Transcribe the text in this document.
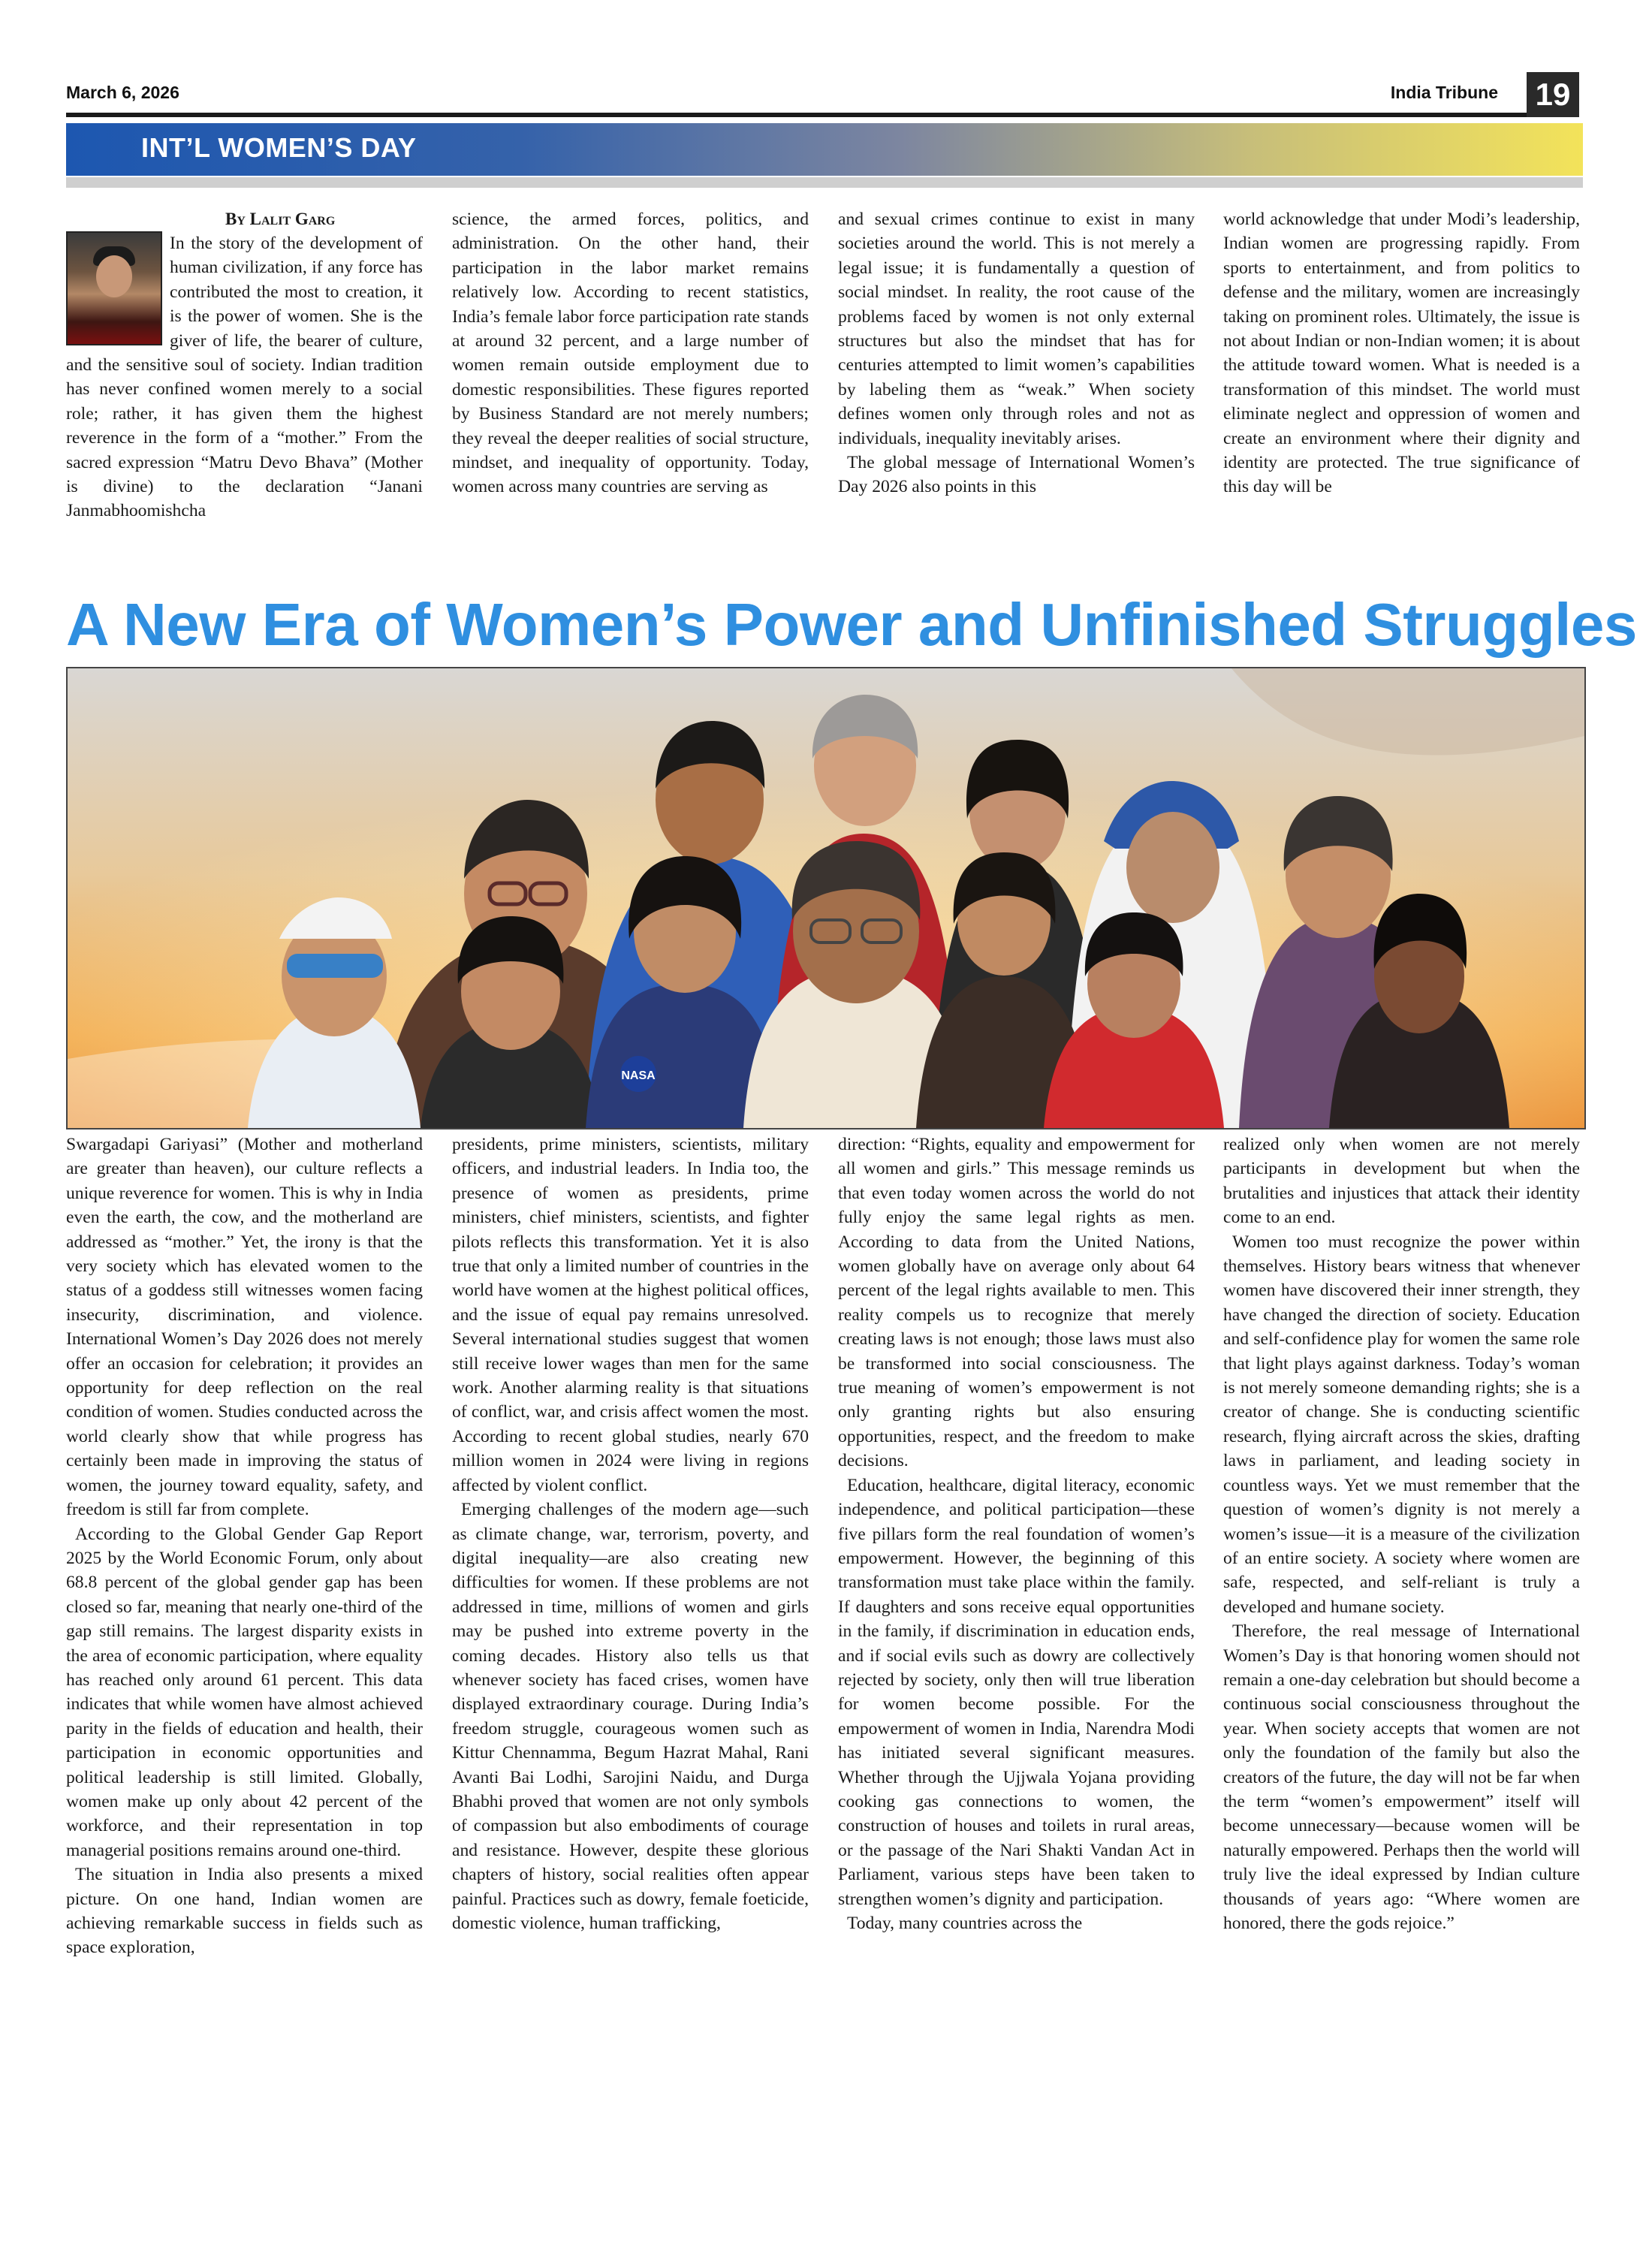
March 6, 2026	India Tribune 19
INT’L WOMEN’S DAY

By Lalit Garg

In the story of the development of human civilization, if any force has contributed the most to creation, it is the power of women. She is the giver of life, the bearer of culture, and the sensitive soul of society. Indian tradition has never confined women merely to a social role; rather, it has given them the highest reverence in the form of a “mother.” From the sacred expression “Matru Devo Bhava” (Mother is divine) to the declaration “Janani Janmabhoomishcha

science, the armed forces, politics, and administration. On the other hand, their participation in the labor market remains relatively low. According to recent statistics, India’s female labor force participation rate stands at around 32 percent, and a large number of women remain outside employment due to domestic responsibilities. These figures reported by Business Standard are not merely numbers; they reveal the deeper realities of social structure, mindset, and inequality of opportunity. Today, women across many countries are serving as

and sexual crimes continue to exist in many societies around the world. This is not merely a legal issue; it is fundamentally a question of social mindset. In reality, the root cause of the problems faced by women is not only external structures but also the mindset that has for centuries attempted to limit women’s capabilities by labeling them as “weak.” When society defines women only through roles and not as individuals, inequality inevitably arises.

The global message of International Women’s Day 2026 also points in this

world acknowledge that under Modi’s leadership, Indian women are progressing rapidly. From sports to entertainment, and from politics to defense and the military, women are increasingly taking on prominent roles. Ultimately, the issue is not about Indian or non-Indian women; it is about the attitude toward women. What is needed is a transformation of this mindset. The world must eliminate neglect and oppression of women and create an environment where their dignity and identity are protected. The true significance of this day will be

A New Era of Women’s Power and Unfinished Struggles
NASA

Swargadapi Gariyasi” (Mother and motherland are greater than heaven), our culture reflects a unique reverence for women. This is why in India even the earth, the cow, and the motherland are addressed as “mother.” Yet, the irony is that the very society which has elevated women to the status of a goddess still witnesses women facing insecurity, discrimination, and violence. International Women’s Day 2026 does not merely offer an occasion for celebration; it provides an opportunity for deep reflection on the real condition of women. Studies conducted across the world clearly show that while progress has certainly been made in improving the status of women, the journey toward equality, safety, and freedom is still far from complete.

According to the Global Gender Gap Report 2025 by the World Economic Forum, only about 68.8 percent of the global gender gap has been closed so far, meaning that nearly one-third of the gap still remains. The largest disparity exists in the area of economic participation, where equality has reached only around 61 percent. This data indicates that while women have almost achieved parity in the fields of education and health, their participation in economic opportunities and political leadership is still limited. Globally, women make up only about 42 percent of the workforce, and their representation in top managerial positions remains around one-third.

The situation in India also presents a mixed picture. On one hand, Indian women are achieving remarkable success in fields such as space exploration,

presidents, prime ministers, scientists, military officers, and industrial leaders. In India too, the presence of women as presidents, prime ministers, chief ministers, scientists, and fighter pilots reflects this transformation. Yet it is also true that only a limited number of countries in the world have women at the highest political offices, and the issue of equal pay remains unresolved. Several international studies suggest that women still receive lower wages than men for the same work. Another alarming reality is that situations of conflict, war, and crisis affect women the most. According to recent global studies, nearly 670 million women in 2024 were living in regions affected by violent conflict.

Emerging challenges of the modern age—such as climate change, war, terrorism, poverty, and digital inequality—are also creating new difficulties for women. If these problems are not addressed in time, millions of women and girls may be pushed into extreme poverty in the coming decades. History also tells us that whenever society has faced crises, women have displayed extraordinary courage. During India’s freedom struggle, courageous women such as Kittur Chennamma, Begum Hazrat Mahal, Rani Avanti Bai Lodhi, Sarojini Naidu, and Durga Bhabhi proved that women are not only symbols of compassion but also embodiments of courage and resistance. However, despite these glorious chapters of history, social realities often appear painful. Practices such as dowry, female foeticide, domestic violence, human trafficking,

direction: “Rights, equality and empowerment for all women and girls.” This message reminds us that even today women across the world do not fully enjoy the same legal rights as men. According to data from the United Nations, women globally have on average only about 64 percent of the legal rights available to men. This reality compels us to recognize that merely creating laws is not enough; those laws must also be transformed into social consciousness. The true meaning of women’s empowerment is not only granting rights but also ensuring opportunities, respect, and the freedom to make decisions.

Education, healthcare, digital literacy, economic independence, and political participation—these five pillars form the real foundation of women’s empowerment. However, the beginning of this transformation must take place within the family. If daughters and sons receive equal opportunities in the family, if discrimination in education ends, and if social evils such as dowry are collectively rejected by society, only then will true liberation for women become possible. For the empowerment of women in India, Narendra Modi has initiated several significant measures. Whether through the Ujjwala Yojana providing cooking gas connections to women, the construction of houses and toilets in rural areas, or the passage of the Nari Shakti Vandan Act in Parliament, various steps have been taken to strengthen women’s dignity and participation.

Today, many countries across the

realized only when women are not merely participants in development but when the brutalities and injustices that attack their identity come to an end.

Women too must recognize the power within themselves. History bears witness that whenever women have discovered their inner strength, they have changed the direction of society. Education and self-confidence play for women the same role that light plays against darkness. Today’s woman is not merely someone demanding rights; she is a creator of change. She is conducting scientific research, flying aircraft across the skies, drafting laws in parliament, and leading society in countless ways. Yet we must remember that the question of women’s dignity is not merely a women’s issue—it is a measure of the civilization of an entire society. A society where women are safe, respected, and self-reliant is truly a developed and humane society.

Therefore, the real message of International Women’s Day is that honoring women should not remain a one-day celebration but should become a continuous social consciousness throughout the year. When society accepts that women are not only the foundation of the family but also the creators of the future, the day will not be far when the term “women’s empowerment” itself will become unnecessary—because women will be naturally empowered. Perhaps then the world will truly live the ideal expressed by Indian culture thousands of years ago: “Where women are honored, there the gods rejoice.”
